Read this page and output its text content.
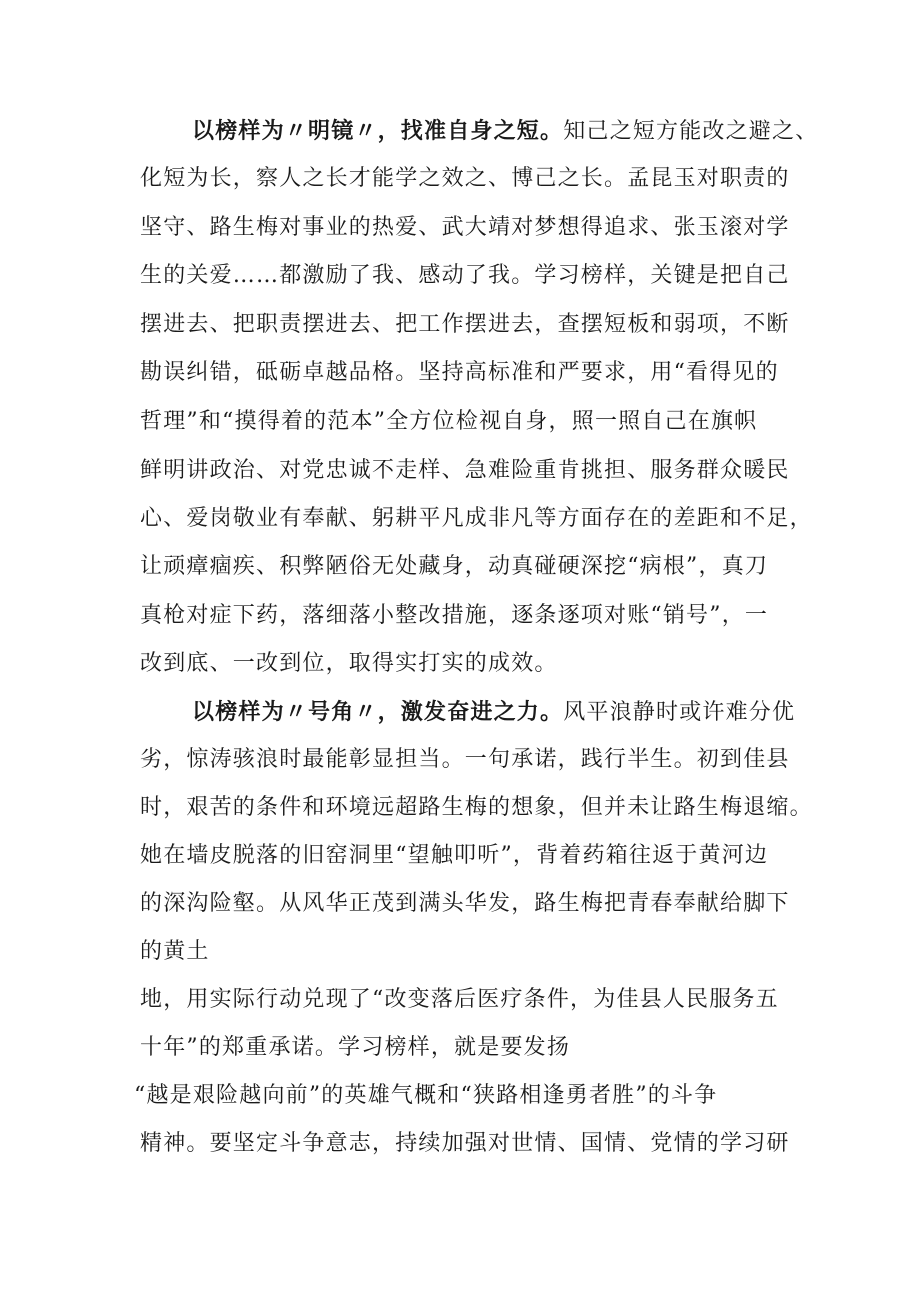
以榜样为〃明镜〃，找准自身之短。知己之短方能改之避之、
化短为长，察人之长才能学之效之、博己之长。孟昆玉对职责的
坚守、路生梅对事业的热爱、武大靖对梦想得追求、张玉滚对学
生的关爱……都激励了我、感动了我。学习榜样，关键是把自己
摆进去、把职责摆进去、把工作摆进去，查摆短板和弱项，不断
勘误纠错，砥砺卓越品格。坚持高标准和严要求，用“看得见的
哲理”和“摸得着的范本”全方位检视自身，照一照自己在旗帜
鲜明讲政治、对党忠诚不走样、急难险重肯挑担、服务群众暖民
心、爱岗敬业有奉献、躬耕平凡成非凡等方面存在的差距和不足，
让顽瘴痼疾、积弊陋俗无处藏身，动真碰硬深挖“病根”，真刀
真枪对症下药，落细落小整改措施，逐条逐项对账“销号”，一
改到底、一改到位，取得实打实的成效。
以榜样为〃号角〃，激发奋进之力。风平浪静时或许难分优
劣，惊涛骇浪时最能彰显担当。一句承诺，践行半生。初到佳县
时，艰苦的条件和环境远超路生梅的想象，但并未让路生梅退缩。
她在墙皮脱落的旧窑洞里“望触叩听”，背着药箱往返于黄河边
的深沟险壑。从风华正茂到满头华发，路生梅把青春奉献给脚下
的黄土
地，用实际行动兑现了“改变落后医疗条件，为佳县人民服务五
十年”的郑重承诺。学习榜样，就是要发扬
“越是艰险越向前”的英雄气概和“狭路相逢勇者胜”的斗争
精神。要坚定斗争意志，持续加强对世情、国情、党情的学习研
